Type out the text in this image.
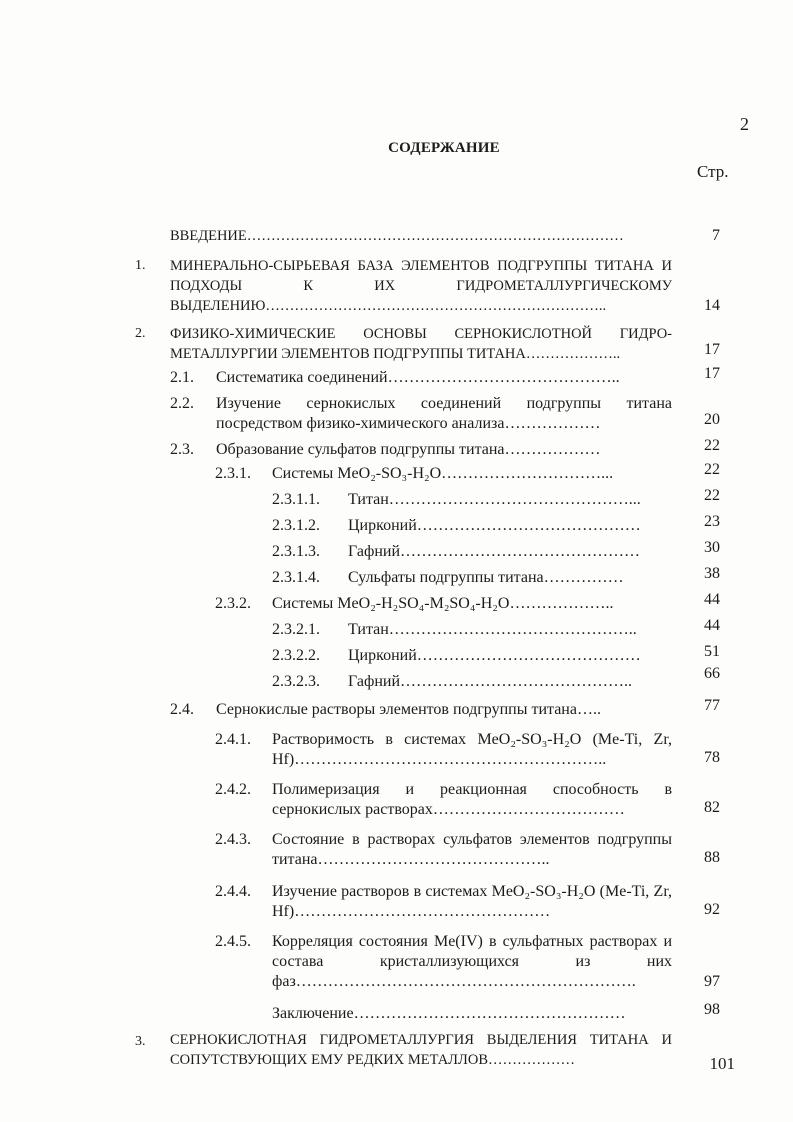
2
СОДЕРЖАНИЕ
Стр.
ВВЕДЕНИЕ……………………………………………………………………	7
1. МИНЕРАЛЬНО-СЫРЬЕВАЯ БАЗА ЭЛЕМЕНТОВ ПОДГРУППЫ ТИТАНА И ПОДХОДЫ К ИХ ГИДРОМЕТАЛЛУРГИЧЕСКОМУ ВЫДЕЛЕНИЮ……………………………………………………………..	14
2. ФИЗИКО-ХИМИЧЕСКИЕ ОСНОВЫ СЕРНОКИСЛОТНОЙ ГИДРО-МЕТАЛЛУРГИИ ЭЛЕМЕНТОВ ПОДГРУППЫ ТИТАНА………………..	17
2.1. Систематика соединений……………………………………..	17
2.2. Изучение сернокислых соединений подгруппы титана посредством физико-химического анализа………………	20
2.3. Образование сульфатов подгруппы титана………………	22
2.3.1. Системы MeO₂-SO₃-H₂O…………………………...	22
2.3.1.1. Титан………………………………………...	22
2.3.1.2. Цирконий……………………………………	23
2.3.1.3. Гафний………………………………………	30
2.3.1.4. Сульфаты подгруппы титана……………	38
2.3.2. Системы MeO₂-H₂SO₄-M₂SO₄-H₂O………………..	44
2.3.2.1. Титан………………………………………..	44
2.3.2.2. Цирконий……………………………………	51
2.3.2.3. Гафний……………………………………..	66
2.4. Сернокислые растворы элементов подгруппы титана…..	77
2.4.1. Растворимость в системах MeO₂-SO₃-H₂O (Me-Ti, Zr, Hf)…………………………………………………..	78
2.4.2. Полимеризация и реакционная способность в сернокислых растворах………………………………	82
2.4.3. Состояние в растворах сульфатов элементов подгруппы титана……………………………………..	88
2.4.4. Изучение растворов в системах MeO₂-SO₃-H₂O (Me-Ti, Zr, Hf)…………………………………………	92
2.4.5. Корреляция состояния Me(IV) в сульфатных растворах и состава кристаллизующихся из них фаз……………………………………………………….	97
Заключение……………………………………………	98
3. СЕРНОКИСЛОТНАЯ ГИДРОМЕТАЛЛУРГИЯ ВЫДЕЛЕНИЯ ТИТАНА И СОПУТСТВУЮЩИХ ЕМУ РЕДКИХ МЕТАЛЛОВ………………	101
